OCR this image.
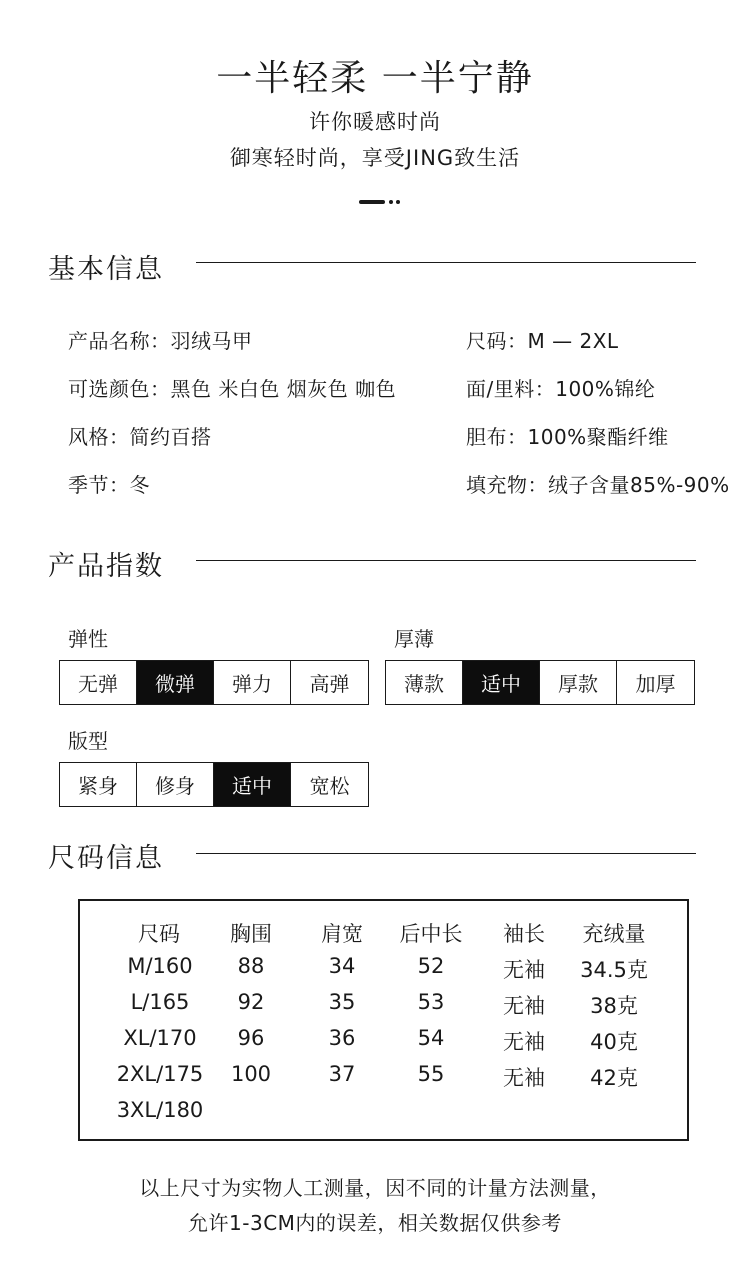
一半轻柔 一半宁静
许你暖感时尚
御寒轻时尚，享受JING致生活
基本信息
产品名称：羽绒马甲
可选颜色：黑色 米白色 烟灰色 咖色
风格：简约百搭
季节：冬
尺码：M — 2XL
面/里料：100%锦纶
胆布：100%聚酯纤维
填充物：绒子含量85%-90%
产品指数
弹性
无弹	微弹	弹力	高弹
厚薄
薄款	适中	厚款	加厚
版型
紧身	修身	适中	宽松
尺码信息
尺码	胸围	肩宽	后中长	袖长	充绒量
M/160	88	34	52	无袖	34.5克
L/165	92	35	53	无袖	38克
XL/170	96	36	54	无袖	40克
2XL/175	100	37	55	无袖	42克
3XL/180
以上尺寸为实物人工测量，因不同的计量方法测量，
允许1-3CM内的误差，相关数据仅供参考
